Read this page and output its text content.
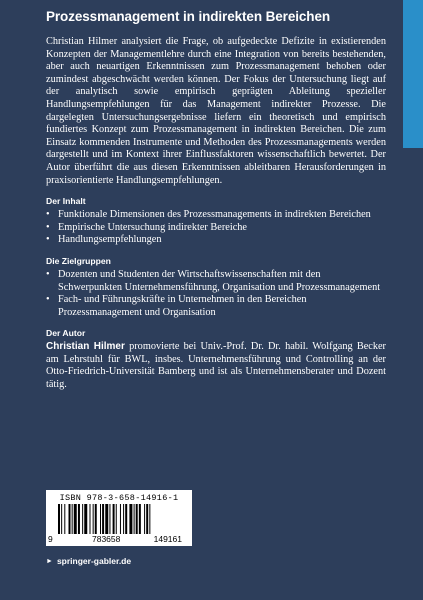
Prozessmanagement in indirekten Bereichen

Christian Hilmer analysiert die Frage, ob aufgedeckte Defizite in existierenden Konzepten der Managementlehre durch eine Integration von bereits bestehenden, aber auch neuartigen Erkenntnissen zum Prozessmanagement behoben oder zumindest abgeschwächt werden können. Der Fokus der Untersuchung liegt auf der analytisch sowie empirisch geprägten Ableitung spezieller Handlungsempfehlungen für das Management indirekter Prozesse. Die dargelegten Untersuchungsergebnisse liefern ein theoretisch und empirisch fundiertes Konzept zum Prozessmanagement in indirekten Bereichen. Die zum Einsatz kommenden Instrumente und Methoden des Prozessmanagements werden dargestellt und im Kontext ihrer Einflussfaktoren wissenschaftlich bewertet. Der Autor überführt die aus diesen Erkenntnissen ableitbaren Herausforderungen in praxisorientierte Handlungsempfehlungen.

Der Inhalt
• Funktionale Dimensionen des Prozessmanagements in indirekten Bereichen
• Empirische Untersuchung indirekter Bereiche
• Handlungsempfehlungen
Die Zielgruppen
• Dozenten und Studenten der Wirtschaftswissenschaften mit den Schwerpunkten Unternehmensführung, Organisation und Prozessmanagement
• Fach- und Führungskräfte in Unternehmen in den Bereichen Prozessmanagement und Organisation
Der Autor

Christian Hilmer promovierte bei Univ.-Prof. Dr. Dr. habil. Wolfgang Becker am Lehrstuhl für BWL, insbes. Unternehmensführung und Controlling an der Otto-Friedrich-Universität Bamberg und ist als Unternehmensberater und Dozent tätig.

ISBN 978-3-658-14916-1
9	783658	149161
► springer-gabler.de
